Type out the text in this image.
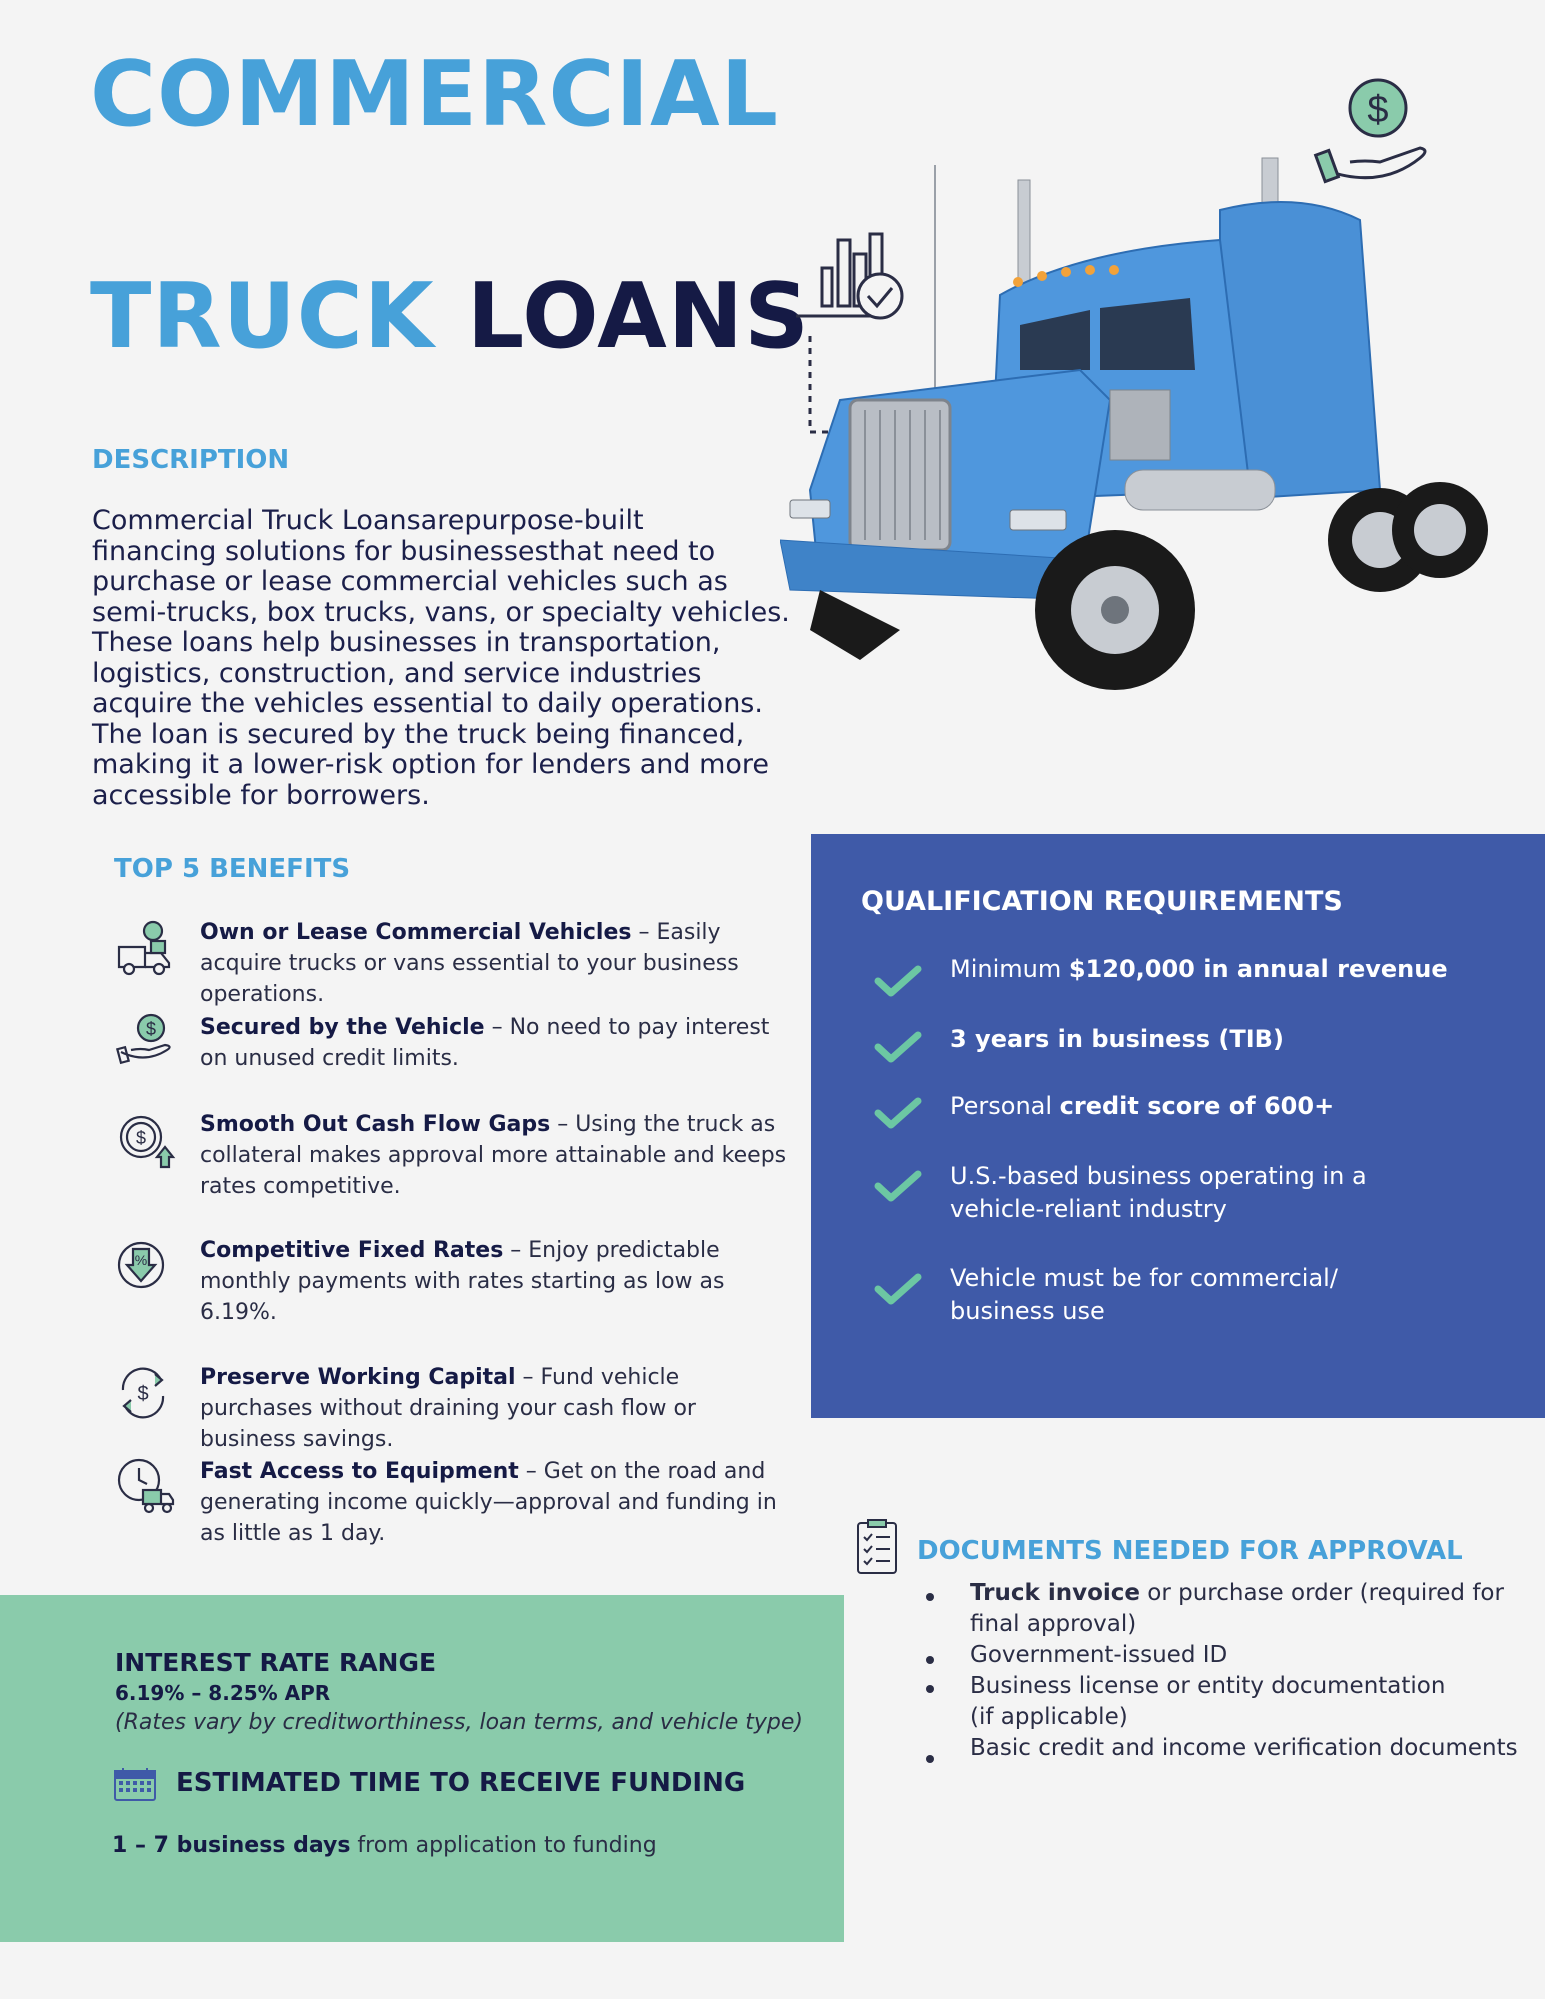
COMMERCIAL
TRUCK LOANS
$
DESCRIPTION
Commercial Truck Loansarepurpose-built
financing solutions for businessesthat need to
purchase or lease commercial vehicles such as
semi-trucks, box trucks, vans, or specialty vehicles.
These loans help businesses in transportation,
logistics, construction, and service industries
acquire the vehicles essential to daily operations.
The loan is secured by the truck being financed,
making it a lower-risk option for lenders and more
accessible for borrowers.
TOP 5 BENEFITS
Own or Lease Commercial Vehicles – Easily acquire trucks or vans essential to your business operations.
$ Secured by the Vehicle – No need to pay interest on unused credit limits.
$
Smooth Out Cash Flow Gaps – Using the truck as collateral makes approval more attainable and keeps rates competitive.
% Competitive Fixed Rates – Enjoy predictable monthly payments with rates starting as low as 6.19%.
$
Preserve Working Capital – Fund vehicle purchases without draining your cash flow or business savings.
Fast Access to Equipment – Get on the road and generating income quickly—approval and funding in as little as 1 day.
QUALIFICATION REQUIREMENTS
Minimum $120,000 in annual revenue
3 years in business (TIB)
Personal credit score of 600+
U.S.-based business operating in a vehicle-reliant industry
Vehicle must be for commercial/ business use
DOCUMENTS NEEDED FOR APPROVAL
Truck invoice or purchase order (required for
final approval)
Government-issued ID
Business license or entity documentation
(if applicable)
Basic credit and income verification documents
INTEREST RATE RANGE
6.19% – 8.25% APR
(Rates vary by creditworthiness, loan terms, and vehicle type)
ESTIMATED TIME TO RECEIVE FUNDING
1 – 7 business days from application to funding
